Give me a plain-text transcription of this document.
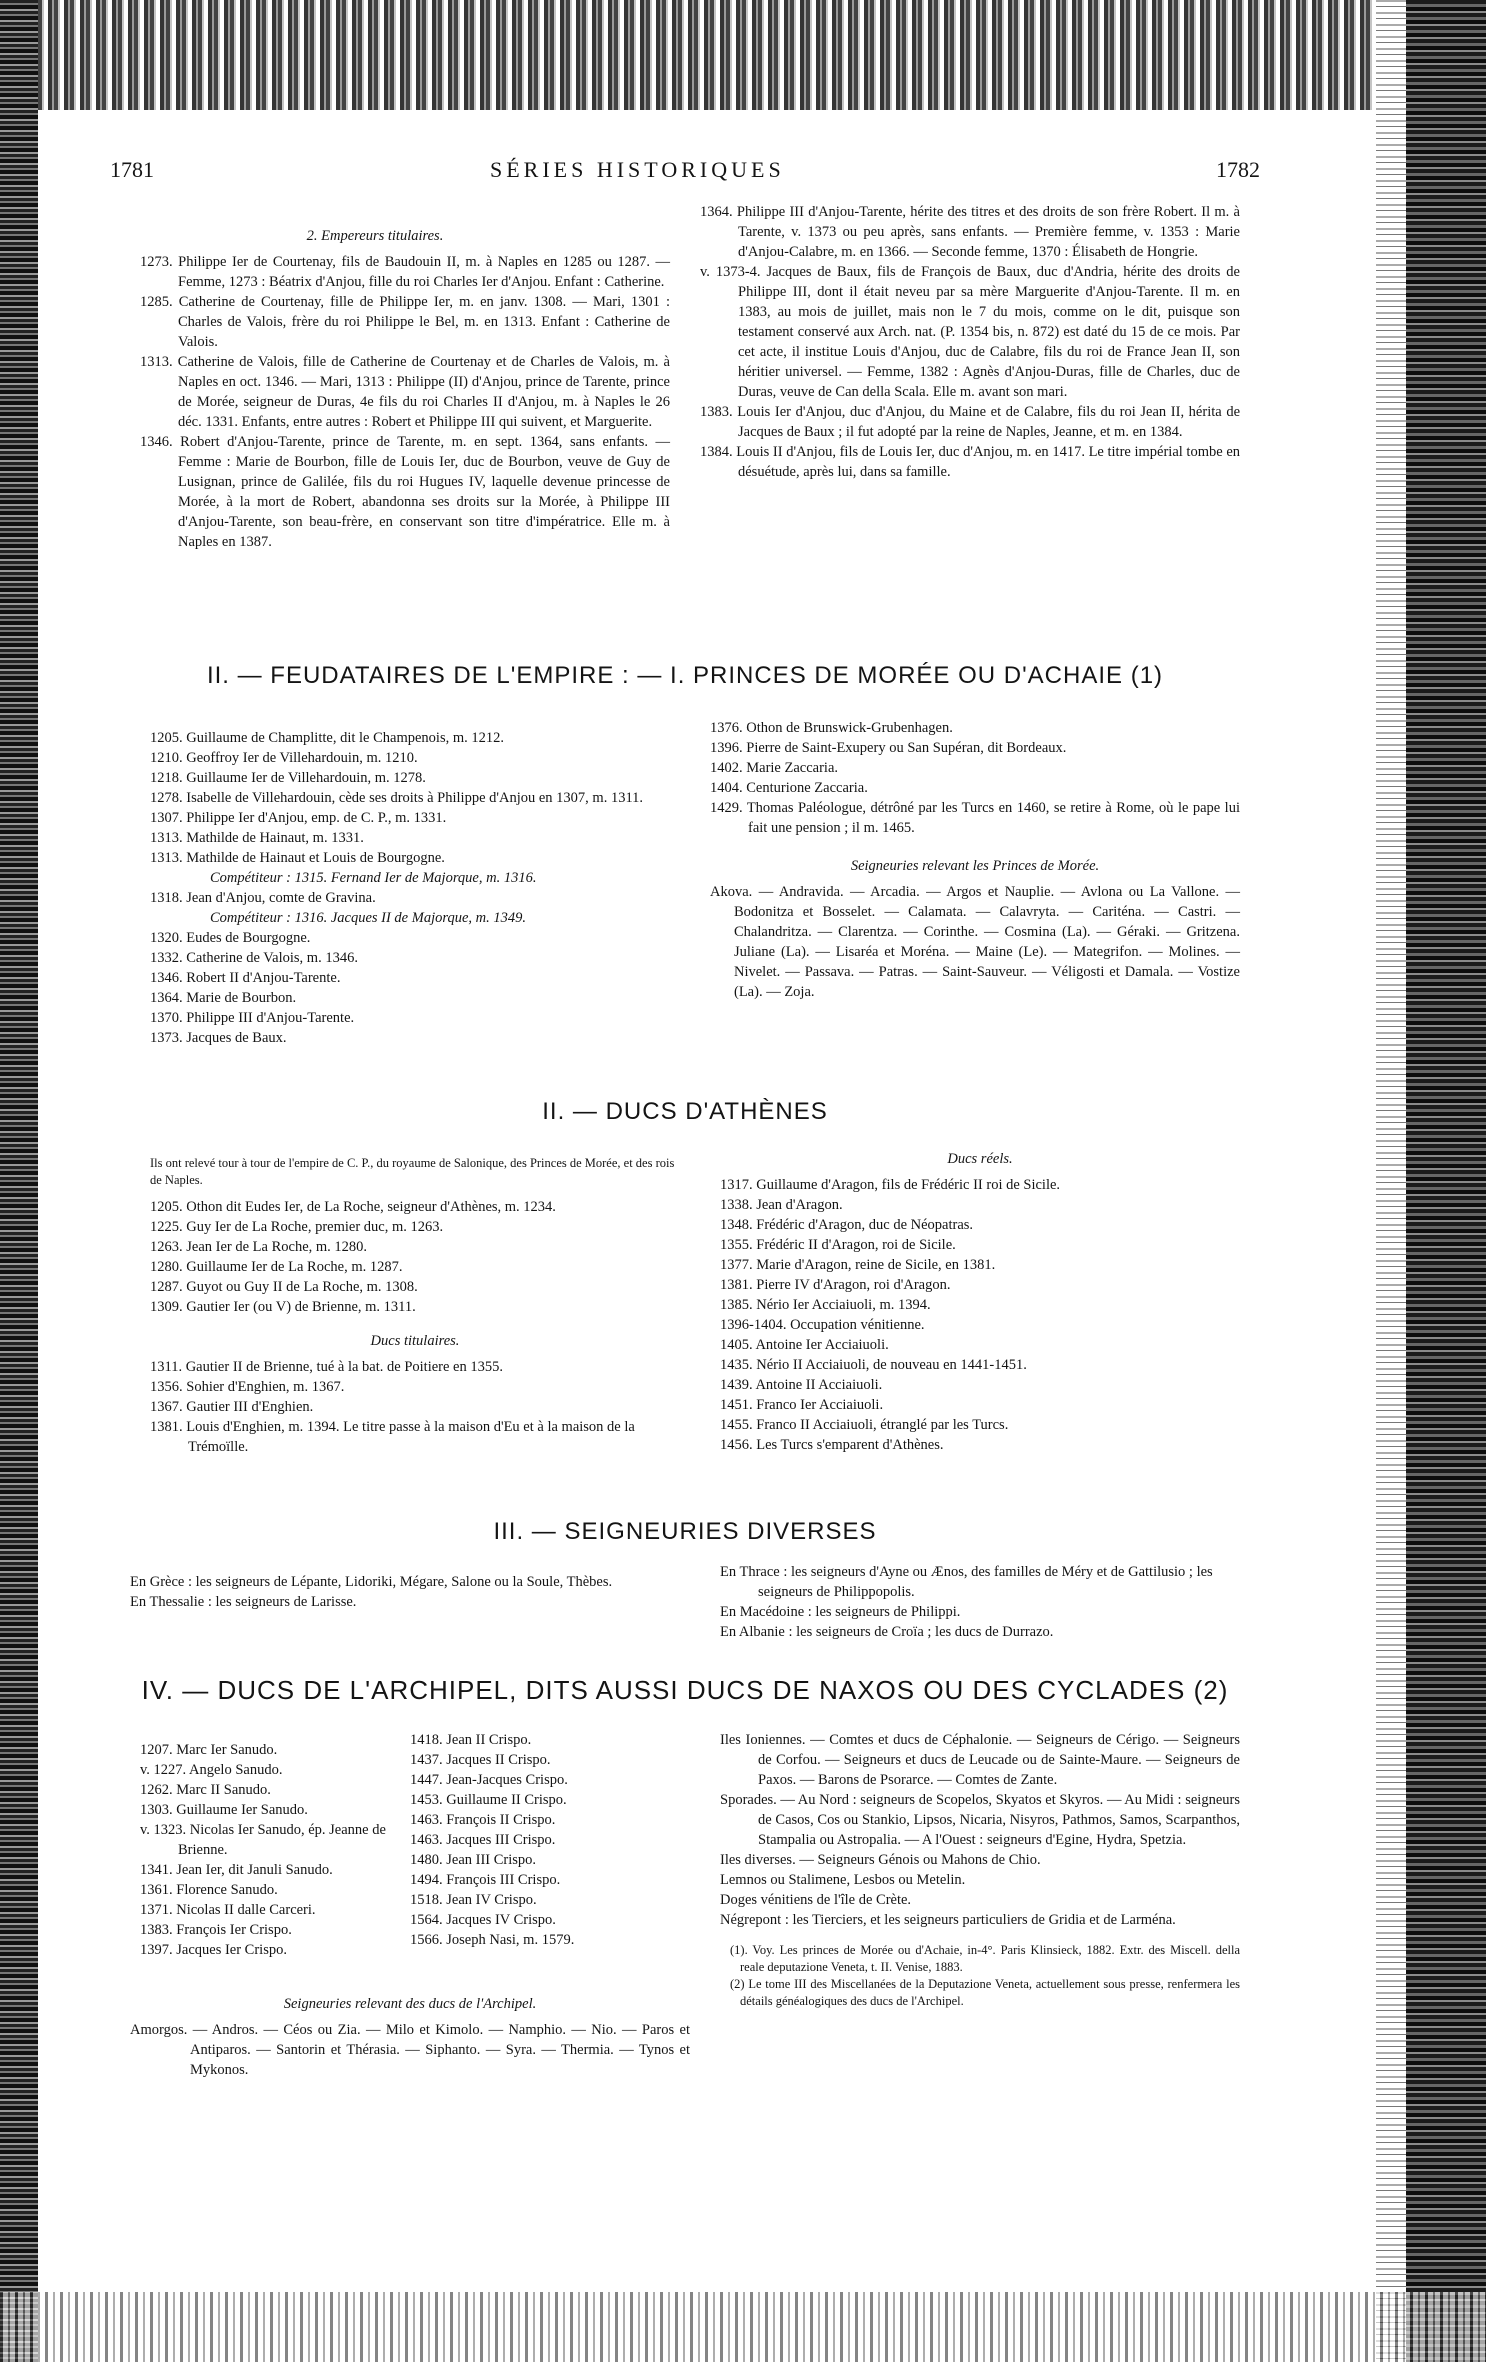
1781	SÉRIES HISTORIQUES	1782

2. Empereurs titulaires.

1273. Philippe Ier de Courtenay, fils de Baudouin II, m. à Naples en 1285 ou 1287. — Femme, 1273 : Béatrix d'Anjou, fille du roi Charles Ier d'Anjou. Enfant : Catherine.

1285. Catherine de Courtenay, fille de Philippe Ier, m. en janv. 1308. — Mari, 1301 : Charles de Valois, frère du roi Philippe le Bel, m. en 1313. Enfant : Catherine de Valois.

1313. Catherine de Valois, fille de Catherine de Courtenay et de Charles de Valois, m. à Naples en oct. 1346. — Mari, 1313 : Philippe (II) d'Anjou, prince de Tarente, prince de Morée, seigneur de Duras, 4e fils du roi Charles II d'Anjou, m. à Naples le 26 déc. 1331. Enfants, entre autres : Robert et Philippe III qui suivent, et Marguerite.

1346. Robert d'Anjou-Tarente, prince de Tarente, m. en sept. 1364, sans enfants. — Femme : Marie de Bourbon, fille de Louis Ier, duc de Bourbon, veuve de Guy de Lusignan, prince de Galilée, fils du roi Hugues IV, laquelle devenue princesse de Morée, à la mort de Robert, abandonna ses droits sur la Morée, à Philippe III d'Anjou-Tarente, son beau-frère, en conservant son titre d'impératrice. Elle m. à Naples en 1387.

1364. Philippe III d'Anjou-Tarente, hérite des titres et des droits de son frère Robert. Il m. à Tarente, v. 1373 ou peu après, sans enfants. — Première femme, v. 1353 : Marie d'Anjou-Calabre, m. en 1366. — Seconde femme, 1370 : Élisabeth de Hongrie.

v. 1373-4. Jacques de Baux, fils de François de Baux, duc d'Andria, hérite des droits de Philippe III, dont il était neveu par sa mère Marguerite d'Anjou-Tarente. Il m. en 1383, au mois de juillet, mais non le 7 du mois, comme on le dit, puisque son testament conservé aux Arch. nat. (P. 1354 bis, n. 872) est daté du 15 de ce mois. Par cet acte, il institue Louis d'Anjou, duc de Calabre, fils du roi de France Jean II, son héritier universel. — Femme, 1382 : Agnès d'Anjou-Duras, fille de Charles, duc de Duras, veuve de Can della Scala. Elle m. avant son mari.

1383. Louis Ier d'Anjou, duc d'Anjou, du Maine et de Calabre, fils du roi Jean II, hérita de Jacques de Baux ; il fut adopté par la reine de Naples, Jeanne, et m. en 1384.

1384. Louis II d'Anjou, fils de Louis Ier, duc d'Anjou, m. en 1417. Le titre impérial tombe en désuétude, après lui, dans sa famille.

II. — FEUDATAIRES DE L'EMPIRE : — I. PRINCES DE MORÉE OU D'ACHAIE (1)

1205. Guillaume de Champlitte, dit le Champenois, m. 1212.

1210. Geoffroy Ier de Villehardouin, m. 1210.

1218. Guillaume Ier de Villehardouin, m. 1278.

1278. Isabelle de Villehardouin, cède ses droits à Philippe d'Anjou en 1307, m. 1311.

1307. Philippe Ier d'Anjou, emp. de C. P., m. 1331.

1313. Mathilde de Hainaut, m. 1331.

1313. Mathilde de Hainaut et Louis de Bourgogne.

Compétiteur : 1315. Fernand Ier de Majorque, m. 1316.

1318. Jean d'Anjou, comte de Gravina.

Compétiteur : 1316. Jacques II de Majorque, m. 1349.

1320. Eudes de Bourgogne.

1332. Catherine de Valois, m. 1346.

1346. Robert II d'Anjou-Tarente.

1364. Marie de Bourbon.

1370. Philippe III d'Anjou-Tarente.

1373. Jacques de Baux.

1376. Othon de Brunswick-Grubenhagen.

1396. Pierre de Saint-Exupery ou San Supéran, dit Bordeaux.

1402. Marie Zaccaria.

1404. Centurione Zaccaria.

1429. Thomas Paléologue, détrôné par les Turcs en 1460, se retire à Rome, où le pape lui fait une pension ; il m. 1465.

Seigneuries relevant les Princes de Morée.

Akova. — Andravida. — Arcadia. — Argos et Nauplie. — Avlona ou La Vallone. — Bodonitza et Bosselet. — Calamata. — Calavryta. — Cariténa. — Castri. — Chalandritza. — Clarentza. — Corinthe. — Cosmina (La). — Géraki. — Gritzena. Juliane (La). — Lisaréa et Moréna. — Maine (Le). — Mategrifon. — Molines. — Nivelet. — Passava. — Patras. — Saint-Sauveur. — Véligosti et Damala. — Vostize (La). — Zoja.

II. — DUCS D'ATHÈNES

Ils ont relevé tour à tour de l'empire de C. P., du royaume de Salonique, des Princes de Morée, et des rois de Naples.

1205. Othon dit Eudes Ier, de La Roche, seigneur d'Athènes, m. 1234.

1225. Guy Ier de La Roche, premier duc, m. 1263.

1263. Jean Ier de La Roche, m. 1280.

1280. Guillaume Ier de La Roche, m. 1287.

1287. Guyot ou Guy II de La Roche, m. 1308.

1309. Gautier Ier (ou V) de Brienne, m. 1311.

Ducs titulaires.

1311. Gautier II de Brienne, tué à la bat. de Poitiere en 1355.

1356. Sohier d'Enghien, m. 1367.

1367. Gautier III d'Enghien.

1381. Louis d'Enghien, m. 1394. Le titre passe à la maison d'Eu et à la maison de la Trémoïlle.

Ducs réels.

1317. Guillaume d'Aragon, fils de Frédéric II roi de Sicile.

1338. Jean d'Aragon.

1348. Frédéric d'Aragon, duc de Néopatras.

1355. Frédéric II d'Aragon, roi de Sicile.

1377. Marie d'Aragon, reine de Sicile, en 1381.

1381. Pierre IV d'Aragon, roi d'Aragon.

1385. Nério Ier Acciaiuoli, m. 1394.

1396-1404. Occupation vénitienne.

1405. Antoine Ier Acciaiuoli.

1435. Nério II Acciaiuoli, de nouveau en 1441-1451.

1439. Antoine II Acciaiuoli.

1451. Franco Ier Acciaiuoli.

1455. Franco II Acciaiuoli, étranglé par les Turcs.

1456. Les Turcs s'emparent d'Athènes.

III. — SEIGNEURIES DIVERSES

En Grèce : les seigneurs de Lépante, Lidoriki, Mégare, Salone ou la Soule, Thèbes.

En Thessalie : les seigneurs de Larisse.

En Thrace : les seigneurs d'Ayne ou Ænos, des familles de Méry et de Gattilusio ; les seigneurs de Philippopolis.

En Macédoine : les seigneurs de Philippi.

En Albanie : les seigneurs de Croïa ; les ducs de Durrazo.

IV. — DUCS DE L'ARCHIPEL, DITS AUSSI DUCS DE NAXOS OU DES CYCLADES (2)

1207. Marc Ier Sanudo.

v. 1227. Angelo Sanudo.

1262. Marc II Sanudo.

1303. Guillaume Ier Sanudo.

v. 1323. Nicolas Ier Sanudo, ép. Jeanne de Brienne.

1341. Jean Ier, dit Januli Sanudo.

1361. Florence Sanudo.

1371. Nicolas II dalle Carceri.

1383. François Ier Crispo.

1397. Jacques Ier Crispo.

1418. Jean II Crispo.

1437. Jacques II Crispo.

1447. Jean-Jacques Crispo.

1453. Guillaume II Crispo.

1463. François II Crispo.

1463. Jacques III Crispo.

1480. Jean III Crispo.

1494. François III Crispo.

1518. Jean IV Crispo.

1564. Jacques IV Crispo.

1566. Joseph Nasi, m. 1579.

Seigneuries relevant des ducs de l'Archipel.

Amorgos. — Andros. — Céos ou Zia. — Milo et Kimolo. — Namphio. — Nio. — Paros et Antiparos. — Santorin et Thérasia. — Siphanto. — Syra. — Thermia. — Tynos et Mykonos.

Iles Ioniennes. — Comtes et ducs de Céphalonie. — Seigneurs de Cérigo. — Seigneurs de Corfou. — Seigneurs et ducs de Leucade ou de Sainte-Maure. — Seigneurs de Paxos. — Barons de Psorarce. — Comtes de Zante.

Sporades. — Au Nord : seigneurs de Scopelos, Skyatos et Skyros. — Au Midi : seigneurs de Casos, Cos ou Stankio, Lipsos, Nicaria, Nisyros, Pathmos, Samos, Scarpanthos, Stampalia ou Astropalia. — A l'Ouest : seigneurs d'Egine, Hydra, Spetzia.

Iles diverses. — Seigneurs Génois ou Mahons de Chio.

Lemnos ou Stalimene, Lesbos ou Metelin.

Doges vénitiens de l'île de Crète.

Négrepont : les Tierciers, et les seigneurs particuliers de Gridia et de Larménа.

(1). Voy. Les princes de Morée ou d'Achaie, in-4°. Paris Klinsieck, 1882. Extr. des Miscell. della reale deputazione Veneta, t. II. Venise, 1883.

(2) Le tome III des Miscellanées de la Deputazione Veneta, actuellement sous presse, renfermera les détails généalogiques des ducs de l'Archipel.
